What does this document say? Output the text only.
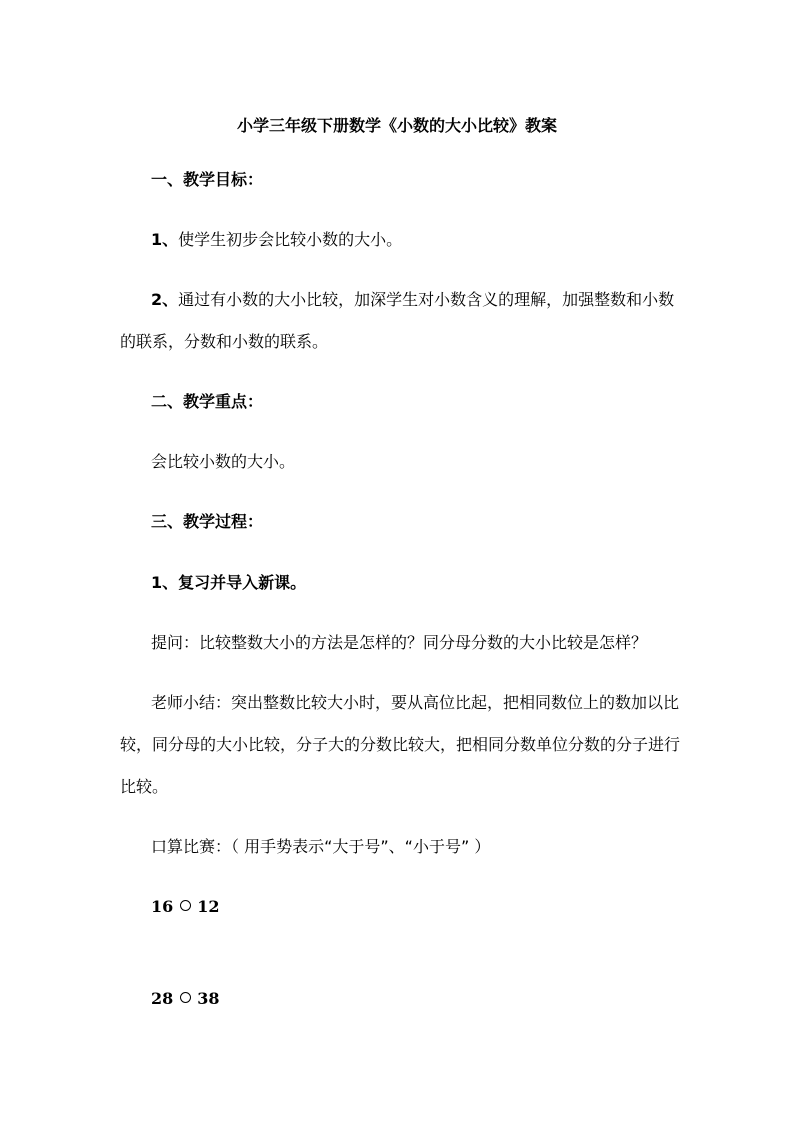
小学三年级下册数学《小数的大小比较》教案
一、教学目标：
1、使学生初步会比较小数的大小。
2、通过有小数的大小比较，加深学生对小数含义的理解，加强整数和小数
的联系，分数和小数的联系。
二、教学重点：
会比较小数的大小。
三、教学过程：
1、复习并导入新课。
提问：比较整数大小的方法是怎样的？同分母分数的大小比较是怎样？
老师小结：突出整数比较大小时，要从高位比起，把相同数位上的数加以比
较，同分母的大小比较，分子大的分数比较大，把相同分数单位分数的分子进行
比较。
口算比赛：（ 用手势表示“大于号”、“小于号” ）
16 12
28 38
